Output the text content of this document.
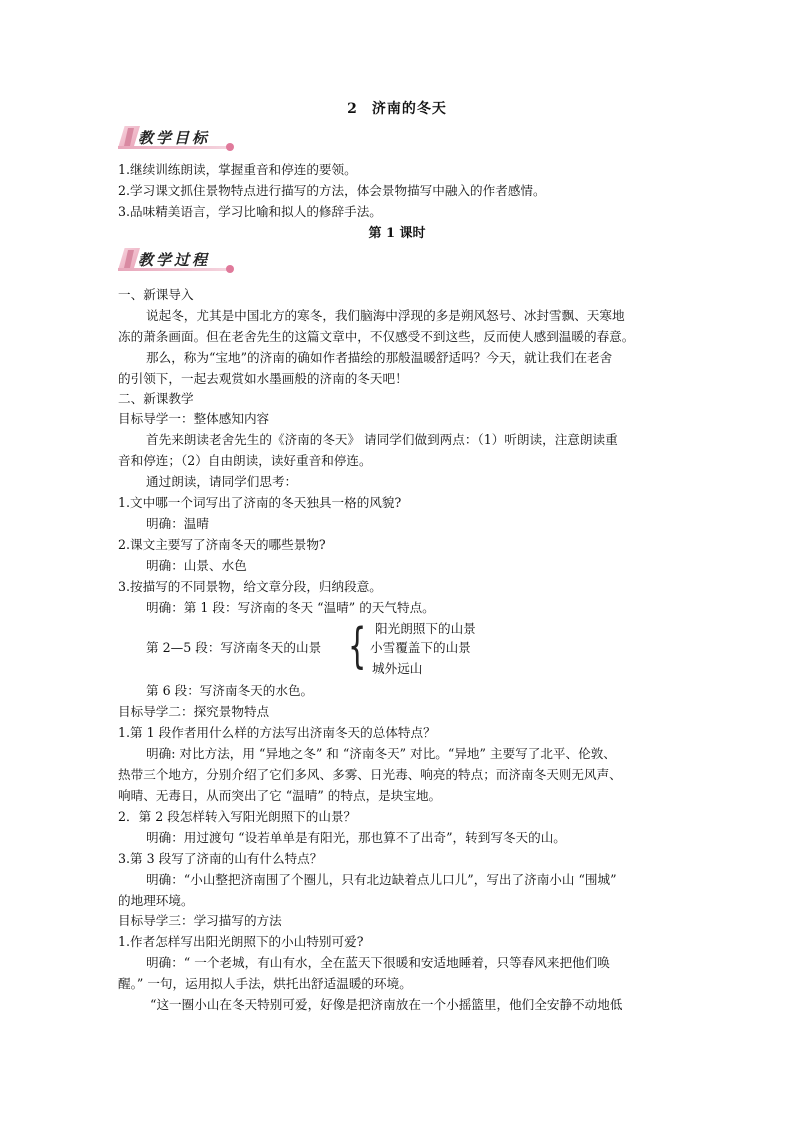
2 济南的冬天
教学目标
1.继续训练朗读，掌握重音和停连的要领。
2.学习课文抓住景物特点进行描写的方法，体会景物描写中融入的作者感情。
3.品味精美语言，学习比喻和拟人的修辞手法。
第 1 课时
教学过程
一、新课导入
说起冬，尤其是中国北方的寒冬，我们脑海中浮现的多是朔风怒号、冰封雪飘、天寒地
冻的萧条画面。但在老舍先生的这篇文章中，不仅感受不到这些，反而使人感到温暖的春意。
那么，称为“宝地”的济南的确如作者描绘的那般温暖舒适吗？今天，就让我们在老舍
的引领下，一起去观赏如水墨画般的济南的冬天吧！
二、新课教学
目标导学一：整体感知内容
首先来朗读老舍先生的《济南的冬天》 请同学们做到两点：（1）听朗读，注意朗读重
音和停连；（2）自由朗读，读好重音和停连。
通过朗读，请同学们思考：
1.文中哪一个词写出了济南的冬天独具一格的风貌?
明确：温晴
2.课文主要写了济南冬天的哪些景物?
明确：山景、水色
3.按描写的不同景物，给文章分段，归纳段意。
明确：第 1 段：写济南的冬天 “温晴” 的天气特点。
第 2—5 段：写济南冬天的山景 { 阳光朗照下的山景
小雪覆盖下的山景
城外远山
第 6 段：写济南冬天的水色。
目标导学二：探究景物特点
1.第 1 段作者用什么样的方法写出济南冬天的总体特点？
明确: 对比方法，用 “异地之冬” 和 “济南冬天” 对比。“异地” 主要写了北平、伦敦、
热带三个地方，分别介绍了它们多风、多雾、日光毒、响亮的特点；而济南冬天则无风声、
响晴、无毒日，从而突出了它 “温晴” 的特点，是块宝地。
2．第 2 段怎样转入写阳光朗照下的山景？
明确：用过渡句 “设若单单是有阳光，那也算不了出奇”，转到写冬天的山。
3.第 3 段写了济南的山有什么特点？
明确：“小山整把济南围了个圈儿，只有北边缺着点儿口儿”，写出了济南小山 “围城”
的地理环境。
目标导学三：学习描写的方法
1.作者怎样写出阳光朗照下的小山特别可爱?
明确：“ 一个老城，有山有水，全在蓝天下很暖和安适地睡着，只等春风来把他们唤
醒。” 一句，运用拟人手法，烘托出舒适温暖的环境。
“这一圈小山在冬天特别可爱，好像是把济南放在一个小摇篮里，他们全安静不动地低
